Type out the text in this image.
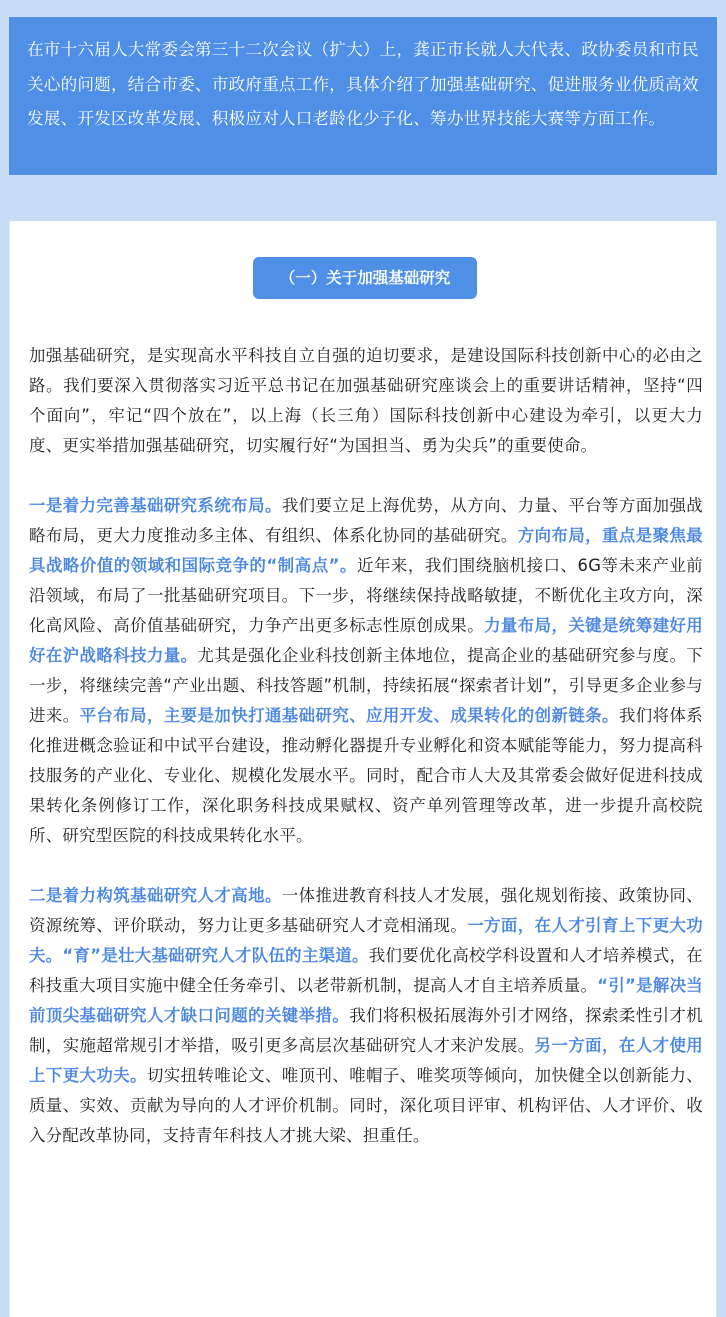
在市十六届人大常委会第三十二次会议（扩大）上，龚正市长就人大代表、政协委员和市民关心的问题，结合市委、市政府重点工作，具体介绍了加强基础研究、促进服务业优质高效发展、开发区改革发展、积极应对人口老龄化少子化、筹办世界技能大赛等方面工作。
（一）关于加强基础研究

加强基础研究，是实现高水平科技自立自强的迫切要求，是建设国际科技创新中心的必由之路。我们要深入贯彻落实习近平总书记在加强基础研究座谈会上的重要讲话精神，坚持“四个面向”，牢记“四个放在”，以上海（长三角）国际科技创新中心建设为牵引，以更大力度、更实举措加强基础研究，切实履行好“为国担当、勇为尖兵”的重要使命。

一是着力完善基础研究系统布局。我们要立足上海优势，从方向、力量、平台等方面加强战略布局，更大力度推动多主体、有组织、体系化协同的基础研究。方向布局，重点是聚焦最具战略价值的领域和国际竞争的“制高点”。近年来，我们围绕脑机接口、6G等未来产业前沿领域，布局了一批基础研究项目。下一步，将继续保持战略敏捷，不断优化主攻方向，深化高风险、高价值基础研究，力争产出更多标志性原创成果。力量布局，关键是统筹建好用好在沪战略科技力量。尤其是强化企业科技创新主体地位，提高企业的基础研究参与度。下一步，将继续完善“产业出题、科技答题”机制，持续拓展“探索者计划”，引导更多企业参与进来。平台布局，主要是加快打通基础研究、应用开发、成果转化的创新链条。我们将体系化推进概念验证和中试平台建设，推动孵化器提升专业孵化和资本赋能等能力，努力提高科技服务的产业化、专业化、规模化发展水平。同时，配合市人大及其常委会做好促进科技成果转化条例修订工作，深化职务科技成果赋权、资产单列管理等改革，进一步提升高校院所、研究型医院的科技成果转化水平。

二是着力构筑基础研究人才高地。一体推进教育科技人才发展，强化规划衔接、政策协同、资源统筹、评价联动，努力让更多基础研究人才竞相涌现。一方面，在人才引育上下更大功夫。“育”是壮大基础研究人才队伍的主渠道。我们要优化高校学科设置和人才培养模式，在科技重大项目实施中健全任务牵引、以老带新机制，提高人才自主培养质量。“引”是解决当前顶尖基础研究人才缺口问题的关键举措。我们将积极拓展海外引才网络，探索柔性引才机制，实施超常规引才举措，吸引更多高层次基础研究人才来沪发展。另一方面，在人才使用上下更大功夫。切实扭转唯论文、唯顶刊、唯帽子、唯奖项等倾向，加快健全以创新能力、质量、实效、贡献为导向的人才评价机制。同时，深化项目评审、机构评估、人才评价、收入分配改革协同，支持青年科技人才挑大梁、担重任。
